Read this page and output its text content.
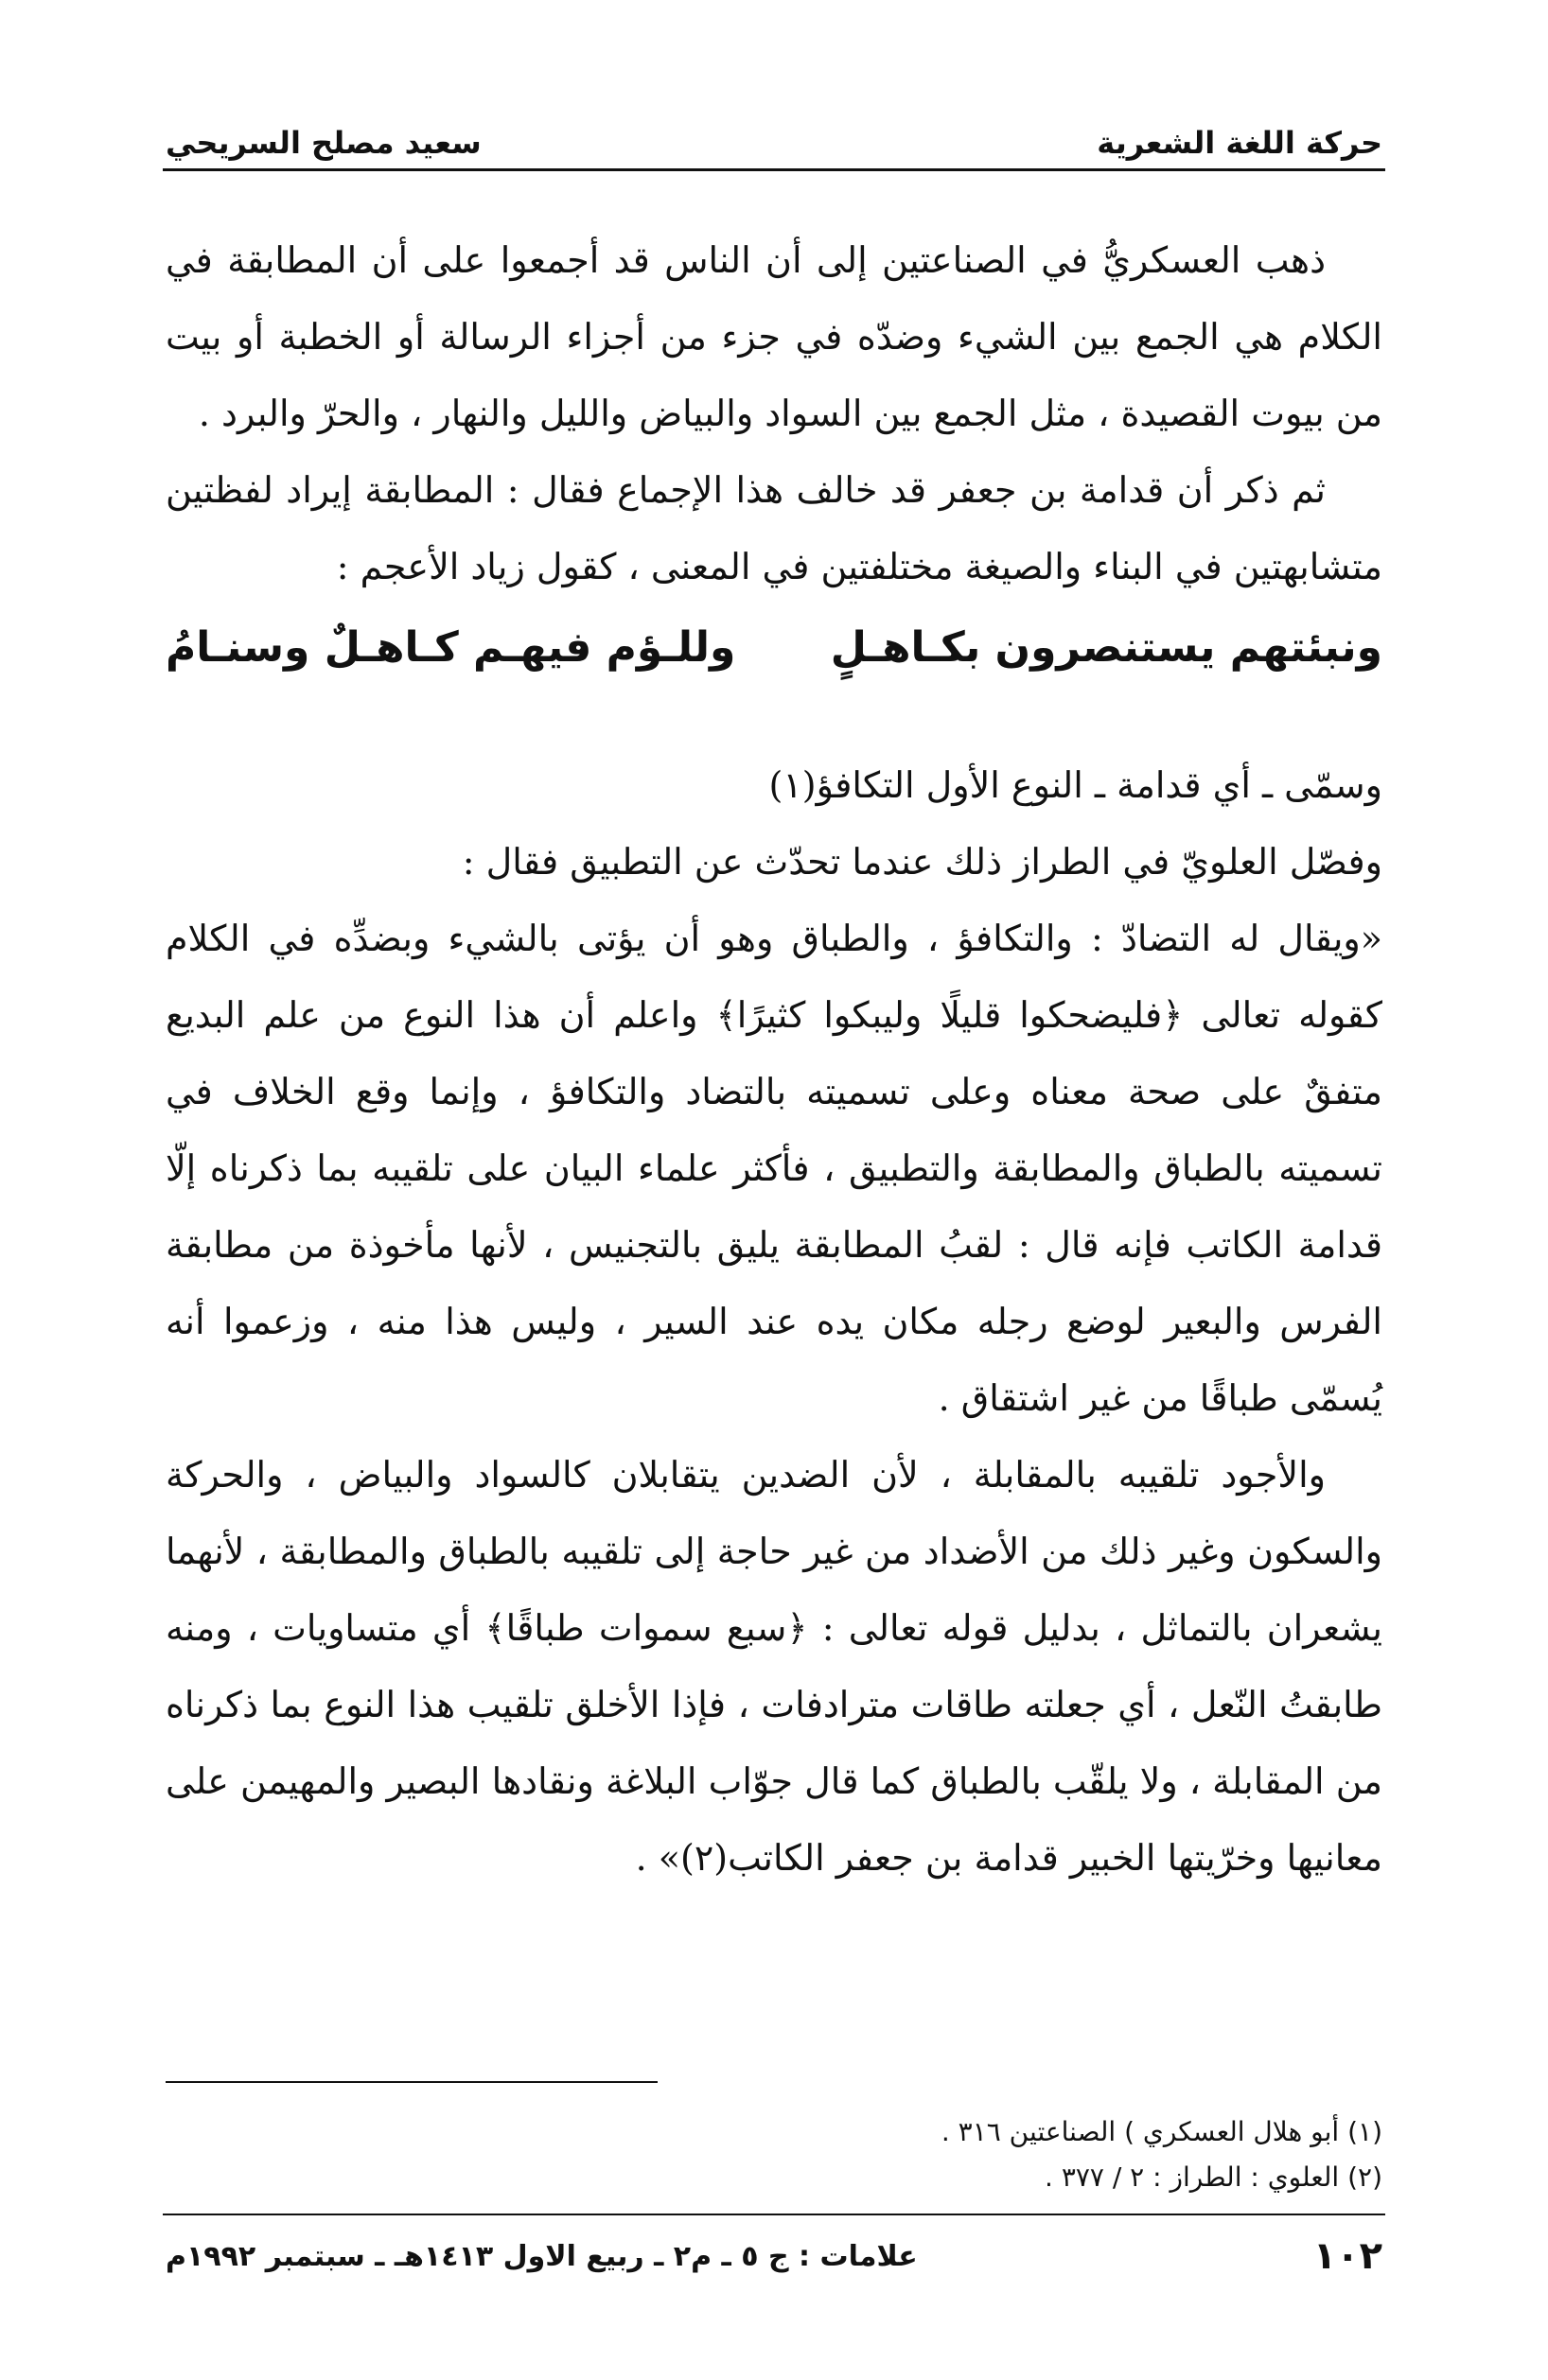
حركة اللغة الشعرية
سعيد مصلح السريحي

ذهب العسكريُّ في الصناعتين إلى أن الناس قد أجمعوا على أن المطابقة في الكلام هي الجمع بين الشيء وضدّه في جزء من أجزاء الرسالة أو الخطبة أو بيت من بيوت القصيدة ، مثل الجمع بين السواد والبياض والليل والنهار ، والحرّ والبرد .

ثم ذكر أن قدامة بن جعفر قد خالف هذا الإجماع فقال : المطابقة إيراد لفظتين متشابهتين في البناء والصيغة مختلفتين في المعنى ، كقول زياد الأعجم :

ونبئتهم يستنصرون بكـاهـلٍ
وللـؤم فيهـم كـاهـلٌ وسنـامُ

وسمّى ـ أي قدامة ـ النوع الأول التكافؤ(١)

وفصّل العلويّ في الطراز ذلك عندما تحدّث عن التطبيق فقال :

«ويقال له التضادّ : والتكافؤ ، والطباق وهو أن يؤتى بالشيء وبضدِّه في الكلام كقوله تعالى ﴿فليضحكوا قليلًا وليبكوا كثيرًا﴾ واعلم أن هذا النوع من علم البديع متفقٌ على صحة معناه وعلى تسميته بالتضاد والتكافؤ ، وإنما وقع الخلاف في تسميته بالطباق والمطابقة والتطبيق ، فأكثر علماء البيان على تلقيبه بما ذكرناه إلّا قدامة الكاتب فإنه قال : لقبُ المطابقة يليق بالتجنيس ، لأنها مأخوذة من مطابقة الفرس والبعير لوضع رجله مكان يده عند السير ، وليس هذا منه ، وزعموا أنه يُسمّى طباقًا من غير اشتقاق .

والأجود تلقيبه بالمقابلة ، لأن الضدين يتقابلان كالسواد والبياض ، والحركة والسكون وغير ذلك من الأضداد من غير حاجة إلى تلقيبه بالطباق والمطابقة ، لأنهما يشعران بالتماثل ، بدليل قوله تعالى : ﴿سبع سموات طباقًا﴾ أي متساويات ، ومنه طابقتُ النّعل ، أي جعلته طاقات مترادفات ، فإذا الأخلق تلقيب هذا النوع بما ذكرناه من المقابلة ، ولا يلقّب بالطباق كما قال جوّاب البلاغة ونقادها البصير والمهيمن على معانيها وخرّيتها الخبير قدامة بن جعفر الكاتب(٢)» .

(١) أبو هلال العسكري ) الصناعتين ٣١٦ .
(٢) العلوي : الطراز : ٢ / ٣٧٧ .
١٠٢
علامات : ج ٥ ـ م٢ ـ ربيع الاول ١٤١٣هـ ـ سبتمبر ١٩٩٢م
